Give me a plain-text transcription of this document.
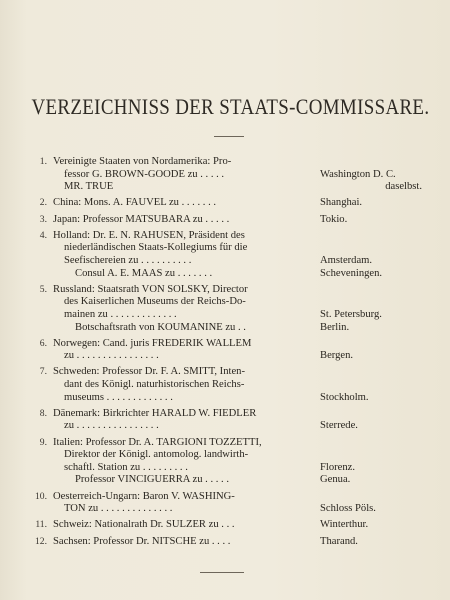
VERZEICHNISS DER STAATS-COMMISSARE.
1. Vereinigte Staaten von Nordamerika: Pro-
fessor G. BROWN-GOODE zu . . . . .	Washington D. C.
MR. TRUE	daselbst.
2. China: Mons. A. FAUVEL zu . . . . . . .	Shanghai.
3. Japan: Professor MATSUBARA zu . . . . .	Tokio.
4. Holland: Dr. E. N. RAHUSEN, Präsident des
niederländischen Staats-Kollegiums für die
Seefischereien zu . . . . . . . . . .	Amsterdam.
Consul A. E. MAAS zu . . . . . . .	Scheveningen.
5. Russland: Staatsrath VON SOLSKY, Director
des Kaiserlichen Museums der Reichs-Do-
mainen zu . . . . . . . . . . . . .	St. Petersburg.
Botschaftsrath von KOUMANINE zu . .	Berlin.
6. Norwegen: Cand. juris FREDERIK WALLEM
zu . . . . . . . . . . . . . . . .	Bergen.
7. Schweden: Professor Dr. F. A. SMITT, Inten-
dant des Königl. naturhistorischen Reichs-
museums . . . . . . . . . . . . .	Stockholm.
8. Dänemark: Birkrichter HARALD W. FIEDLER
zu . . . . . . . . . . . . . . . .	Sterrede.
9. Italien: Professor Dr. A. TARGIONI TOZZETTI,
Direktor der Königl. antomolog. landwirth-
schaftl. Station zu . . . . . . . . .	Florenz.
Professor VINCIGUERRA zu . . . . .	Genua.
10. Oesterreich-Ungarn: Baron V. WASHING-
TON zu . . . . . . . . . . . . . .	Schloss Pöls.
11. Schweiz: Nationalrath Dr. SULZER zu . . .	Winterthur.
12. Sachsen: Professor Dr. NITSCHE zu . . . .	Tharand.
